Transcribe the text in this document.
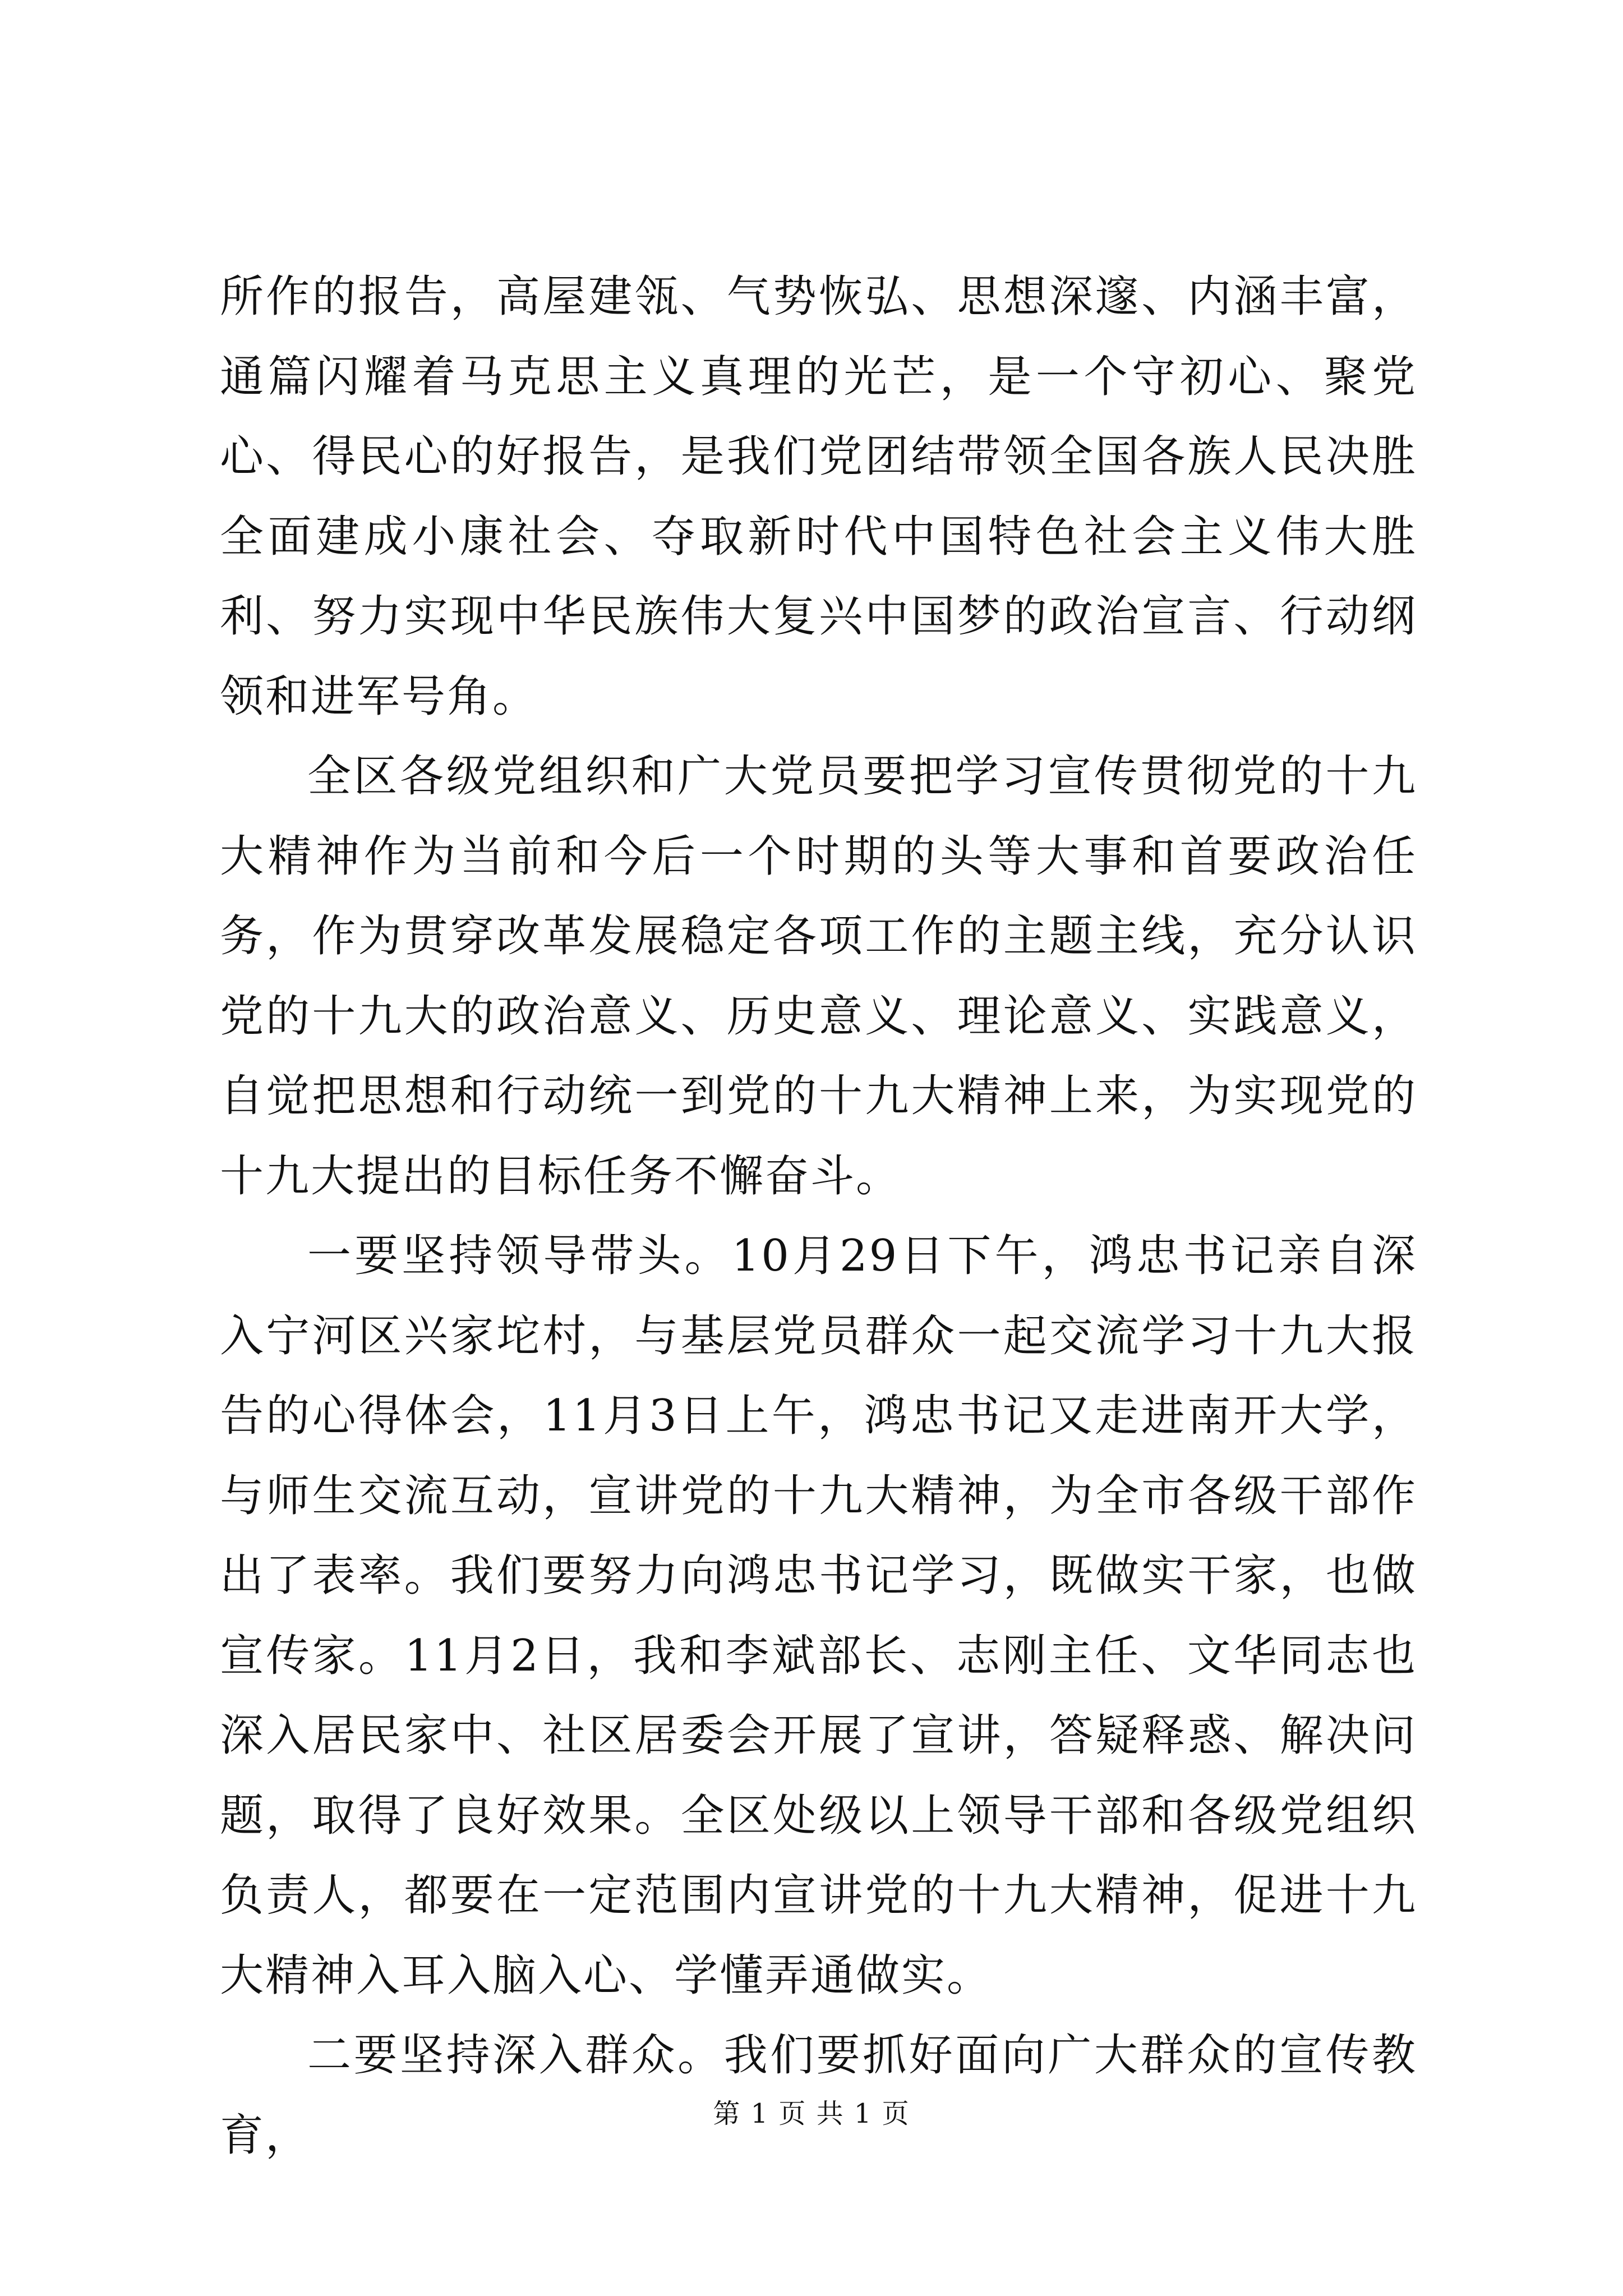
所作的报告，高屋建瓴、气势恢弘、思想深邃、内涵丰富，通篇闪耀着马克思主义真理的光芒，是一个守初心、聚党心、得民心的好报告，是我们党团结带领全国各族人民决胜全面建成小康社会、夺取新时代中国特色社会主义伟大胜利、努力实现中华民族伟大复兴中国梦的政治宣言、行动纲领和进军号角。

全区各级党组织和广大党员要把学习宣传贯彻党的十九大精神作为当前和今后一个时期的头等大事和首要政治任务，作为贯穿改革发展稳定各项工作的主题主线，充分认识党的十九大的政治意义、历史意义、理论意义、实践意义，自觉把思想和行动统一到党的十九大精神上来，为实现党的十九大提出的目标任务不懈奋斗。

一要坚持领导带头。10月29日下午，鸿忠书记亲自深入宁河区兴家坨村，与基层党员群众一起交流学习十九大报告的心得体会，11月3日上午，鸿忠书记又走进南开大学，与师生交流互动，宣讲党的十九大精神，为全市各级干部作出了表率。我们要努力向鸿忠书记学习，既做实干家，也做宣传家。11月2日，我和李斌部长、志刚主任、文华同志也深入居民家中、社区居委会开展了宣讲，答疑释惑、解决问题，取得了良好效果。全区处级以上领导干部和各级党组织负责人，都要在一定范围内宣讲党的十九大精神，促进十九大精神入耳入脑入心、学懂弄通做实。

二要坚持深入群众。我们要抓好面向广大群众的宣传教育，	第 1 页 共 1 页
